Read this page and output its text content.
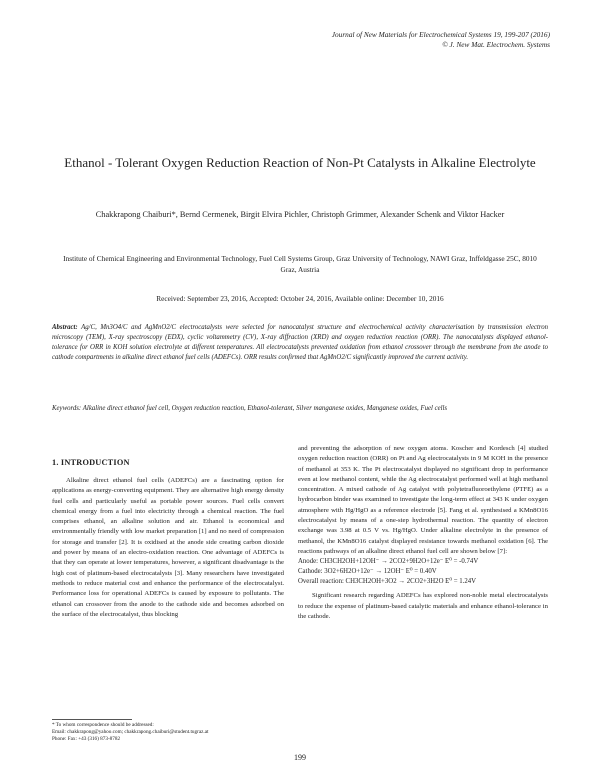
Journal of New Materials for Electrochemical Systems 19, 199-207 (2016)
© J. New Mat. Electrochem. Systems
Ethanol - Tolerant Oxygen Reduction Reaction of Non-Pt Catalysts in Alkaline Electrolyte
Chakkrapong Chaiburi*, Bernd Cermenek, Birgit Elvira Pichler, Christoph Grimmer, Alexander Schenk and Viktor Hacker
Institute of Chemical Engineering and Environmental Technology, Fuel Cell Systems Group, Graz University of Technology, NAWI Graz, Inffeldgasse 25C, 8010 Graz, Austria
Received: September 23, 2016, Accepted: October 24, 2016, Available online: December 10, 2016
Abstract: Ag/C, Mn3O4/C and AgMnO2/C electrocatalysts were selected for nanocatalyst structure and electrochemical activity characterisation by transmission electron microscopy (TEM), X-ray spectroscopy (EDX), cyclic voltammetry (CV), X-ray diffraction (XRD) and oxygen reduction reaction (ORR). The nanocatalysts displayed ethanol-tolerance for ORR in KOH solution electrolyte at different temperatures. All electrocatalysts prevented oxidation from ethanol crossover through the membrane from the anode to cathode compartments in alkaline direct ethanol fuel cells (ADEFCs). ORR results confirmed that AgMnO2/C significantly improved the current activity.
Keywords: Alkaline direct ethanol fuel cell, Oxygen reduction reaction, Ethanol-tolerant, Silver manganese oxides, Manganese oxides, Fuel cells
1. INTRODUCTION
Alkaline direct ethanol fuel cells (ADEFCs) are a fascinating option for applications as energy-converting equipment. They are alternative high energy density fuel cells and particularly useful as portable power sources. Fuel cells convert chemical energy from a fuel into electricity through a chemical reaction. The fuel comprises ethanol, an alkaline solution and air. Ethanol is economical and environmentally friendly with low market preparation [1] and no need of compression for storage and transfer [2]. It is oxidised at the anode side creating carbon dioxide and power by means of an electro-oxidation reaction. One advantage of ADEFCs is that they can operate at lower temperatures, however, a significant disadvantage is the high cost of platinum-based electrocatalysts [3]. Many researchers have investigated methods to reduce material cost and enhance the performance of the electrocatalyst. Performance loss for operational ADEFCs is caused by exposure to pollutants. The ethanol can crossover from the anode to the cathode side and becomes adsorbed on the surface of the electrocatalyst, thus blocking
and preventing the adsorption of new oxygen atoms. Koscher and Kordesch [4] studied oxygen reduction reaction (ORR) on Pt and Ag electrocatalysts in 9 M KOH in the presence of methanol at 353 K. The Pt electrocatalyst displayed no significant drop in performance even at low methanol content, while the Ag electrocatalyst performed well at high methanol concentration. A mixed cathode of Ag catalyst with polytetrafluoroethylene (PTFE) as a hydrocarbon binder was examined to investigate the long-term effect at 343 K under oxygen atmosphere with Hg/HgO as a reference electrode [5]. Fang et al. synthesised a KMn8O16 electrocatalyst by means of a one-step hydrothermal reaction. The quantity of electron exchange was 3.98 at 0.5 V vs. Hg/HgO. Under alkaline electrolyte in the presence of methanol, the KMn8O16 catalyst displayed resistance towards methanol oxidation [6]. The reactions pathways of an alkaline direct ethanol fuel cell are shown below [7]:
Anode: CH3CH2OH+12OH⁻ → 2CO2+9H2O+12e⁻ E⁰ = -0.74V
Cathode: 3O2+6H2O+12e⁻ → 12OH⁻ E⁰ = 0.40V
Overall reaction: CH3CH2OH+3O2 → 2CO2+3H2O E⁰ = 1.24V
Significant research regarding ADEFCs has explored non-noble metal electrocatalysts to reduce the expense of platinum-based catalytic materials and enhance ethanol-tolerance in the cathode.
* To whom correspondence should be addressed:
Email: chakkrapong@yahoo.com; chakkrapong.chaiburi@student.tugraz.at
Phone: Fax: +43 (316) 873-8782
199
